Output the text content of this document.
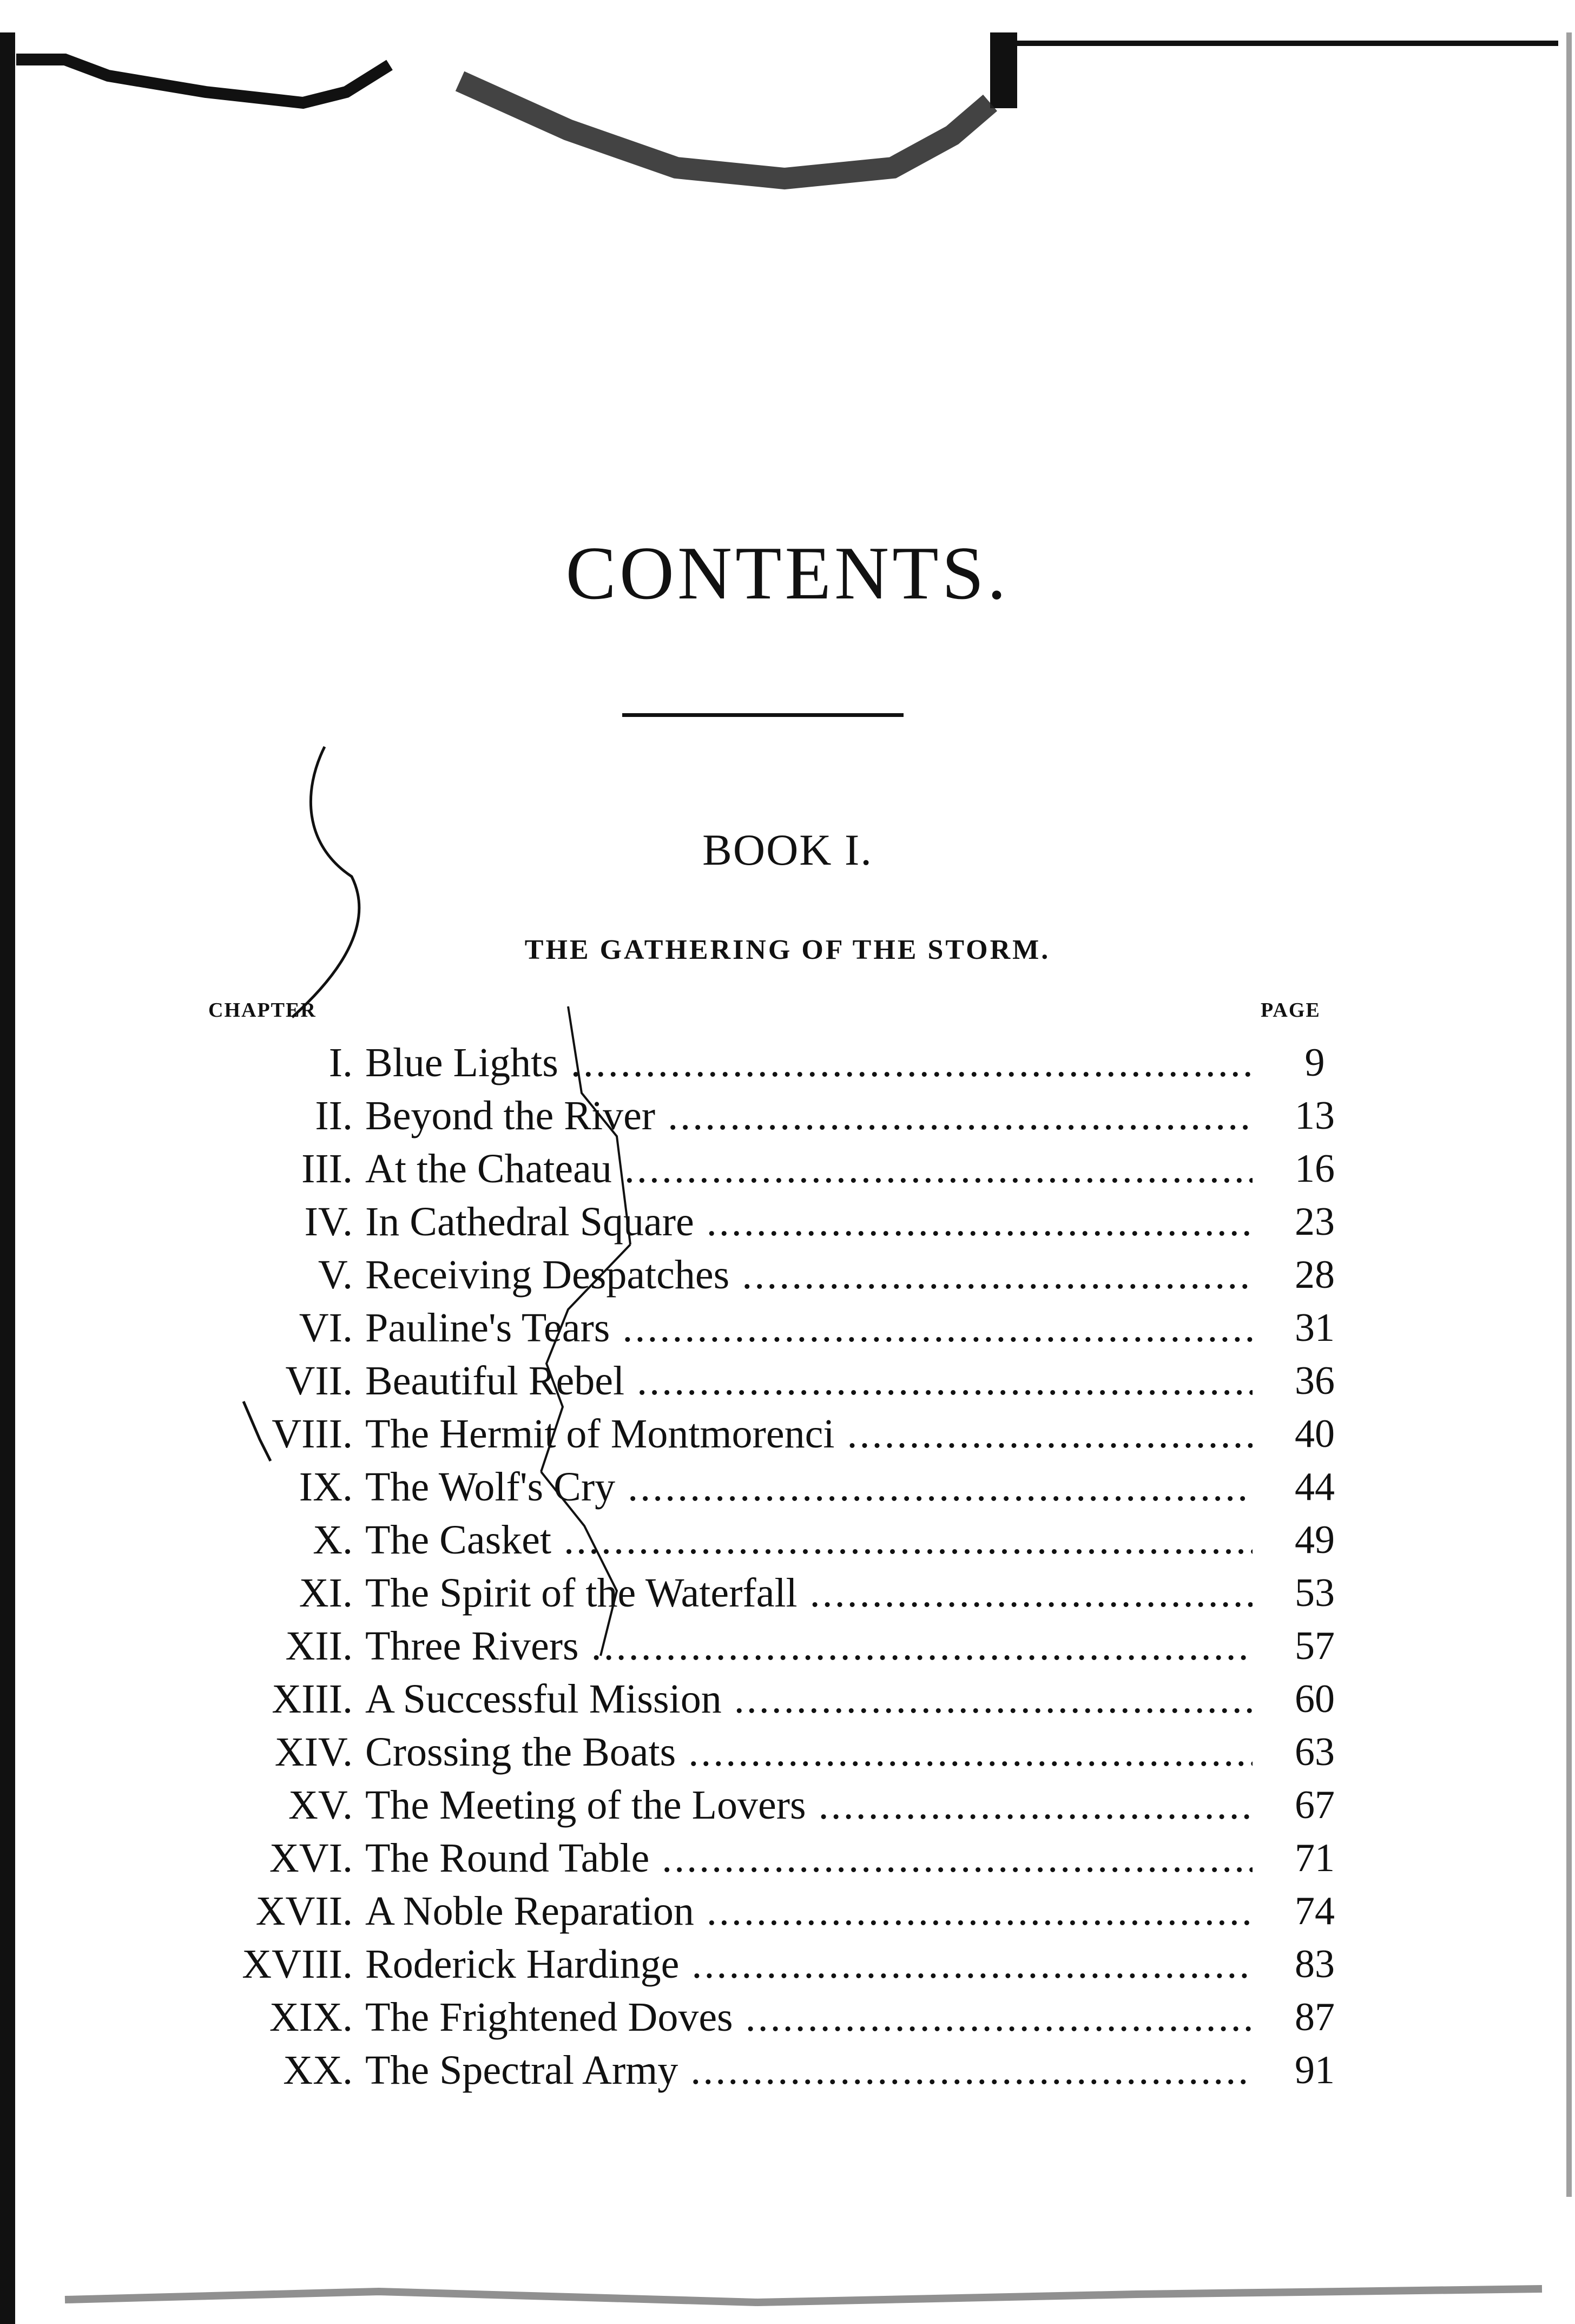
CONTENTS.
BOOK I.
THE GATHERING OF THE STORM.
CHAPTER	PAGE
I. Blue Lights .....	9
II. Beyond the River .....	13
III. At the Chateau .....	16
IV. In Cathedral Square .....	23
V. Receiving Despatches .....	28
VI. Pauline's Tears .....	31
VII. Beautiful Rebel .....	36
VIII. The Hermit of Montmorenci .....	40
IX. The Wolf's Cry .....	44
X. The Casket .....	49
XI. The Spirit of the Waterfall .....	53
XII. Three Rivers .....	57
XIII. A Successful Mission .....	60
XIV. Crossing the Boats .....	63
XV. The Meeting of the Lovers .....	67
XVI. The Round Table .....	71
XVII. A Noble Reparation .....	74
XVIII. Roderick Hardinge .....	83
XIX. The Frightened Doves .....	87
XX. The Spectral Army .....	91
